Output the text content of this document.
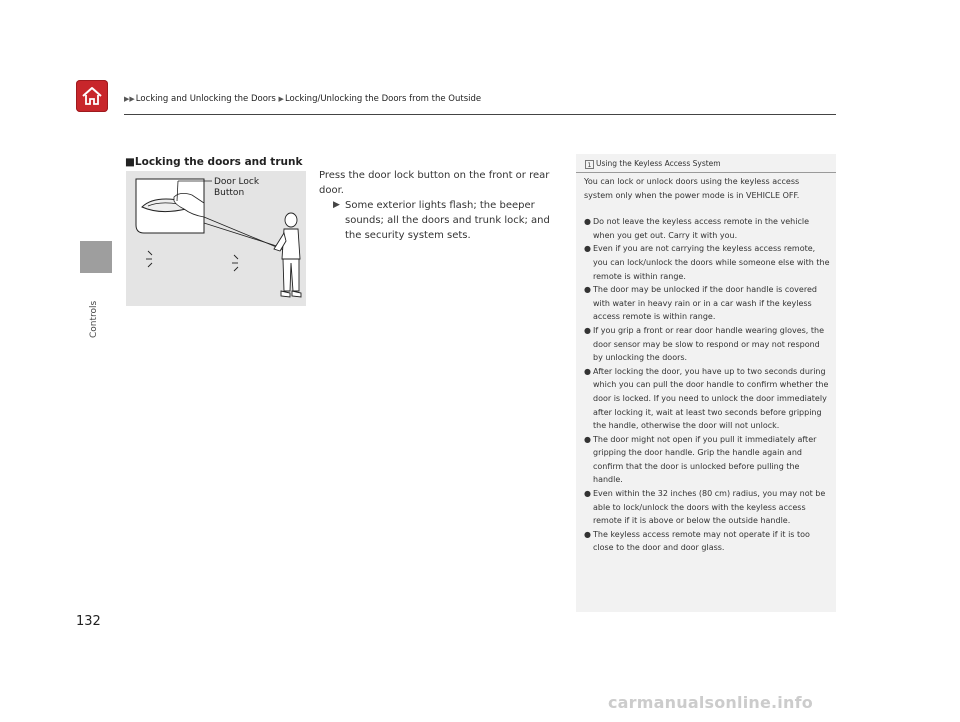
▶▶Locking and Unlocking the Doors ▶Locking/Unlocking the Doors from the Outside
Controls
132
■Locking the doors and trunk
Door Lock
Button

Press the door lock button on the front or rear door.

▶ Some exterior lights flash; the beeper sounds; all the doors and trunk lock; and the security system sets.

1 Using the Keyless Access System

You can lock or unlock doors using the keyless access system only when the power mode is in VEHICLE OFF.

● Do not leave the keyless access remote in the vehicle when you get out. Carry it with you.
● Even if you are not carrying the keyless access remote, you can lock/unlock the doors while someone else with the remote is within range.
● The door may be unlocked if the door handle is covered with water in heavy rain or in a car wash if the keyless access remote is within range.
● If you grip a front or rear door handle wearing gloves, the door sensor may be slow to respond or may not respond by unlocking the doors.
● After locking the door, you have up to two seconds during which you can pull the door handle to confirm whether the door is locked. If you need to unlock the door immediately after locking it, wait at least two seconds before gripping the handle, otherwise the door will not unlock.
● The door might not open if you pull it immediately after gripping the door handle. Grip the handle again and confirm that the door is unlocked before pulling the handle.
● Even within the 32 inches (80 cm) radius, you may not be able to lock/unlock the doors with the keyless access remote if it is above or below the outside handle.
● The keyless access remote may not operate if it is too close to the door and door glass.
carmanualsonline.info
